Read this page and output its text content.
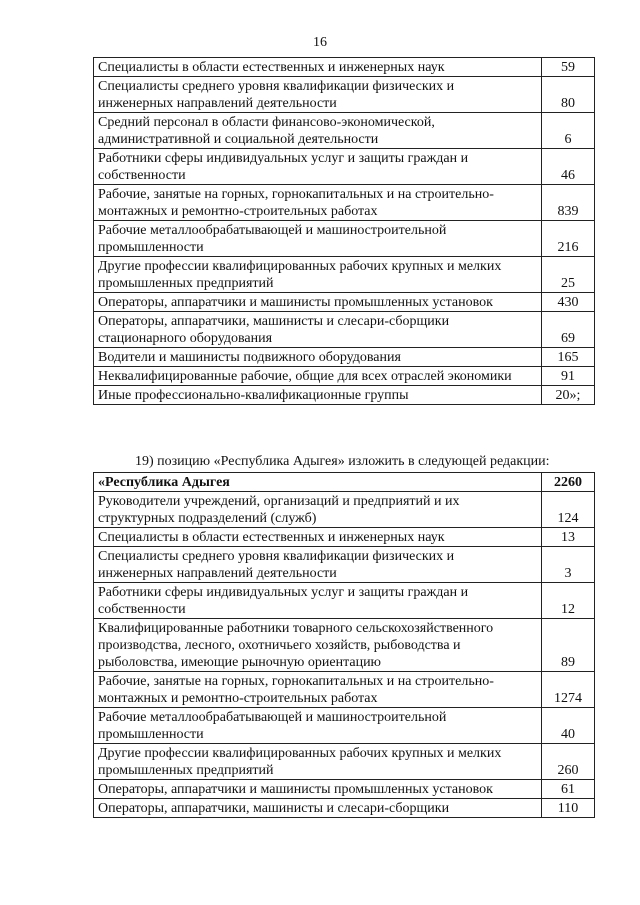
16
Специалисты в области естественных и инженерных наук	59
Специалисты среднего уровня квалификации физических и инженерных направлений деятельности	80
Средний персонал в области финансово-экономической, административной и социальной деятельности	6
Работники сферы индивидуальных услуг и защиты граждан и собственности	46
Рабочие, занятые на горных, горнокапитальных и на строительно-монтажных и ремонтно-строительных работах	839
Рабочие металлообрабатывающей и машиностроительной промышленности	216
Другие профессии квалифицированных рабочих крупных и мелких промышленных предприятий	25
Операторы, аппаратчики и машинисты промышленных установок	430
Операторы, аппаратчики, машинисты и слесари-сборщики стационарного оборудования	69
Водители и машинисты подвижного оборудования	165
Неквалифицированные рабочие, общие для всех отраслей экономики	91
Иные профессионально-квалификационные группы	20»;
19) позицию «Республика Адыгея» изложить в следующей редакции:
«Республика Адыгея	2260
Руководители учреждений, организаций и предприятий и их структурных подразделений (служб)	124
Специалисты в области естественных и инженерных наук	13
Специалисты среднего уровня квалификации физических и инженерных направлений деятельности	3
Работники сферы индивидуальных услуг и защиты граждан и собственности	12
Квалифицированные работники товарного сельскохозяйственного производства, лесного, охотничьего хозяйств, рыбоводства и рыболовства, имеющие рыночную ориентацию	89
Рабочие, занятые на горных, горнокапитальных и на строительно-монтажных и ремонтно-строительных работах	1274
Рабочие металлообрабатывающей и машиностроительной промышленности	40
Другие профессии квалифицированных рабочих крупных и мелких промышленных предприятий	260
Операторы, аппаратчики и машинисты промышленных установок	61
Операторы, аппаратчики, машинисты и слесари-сборщики	110
